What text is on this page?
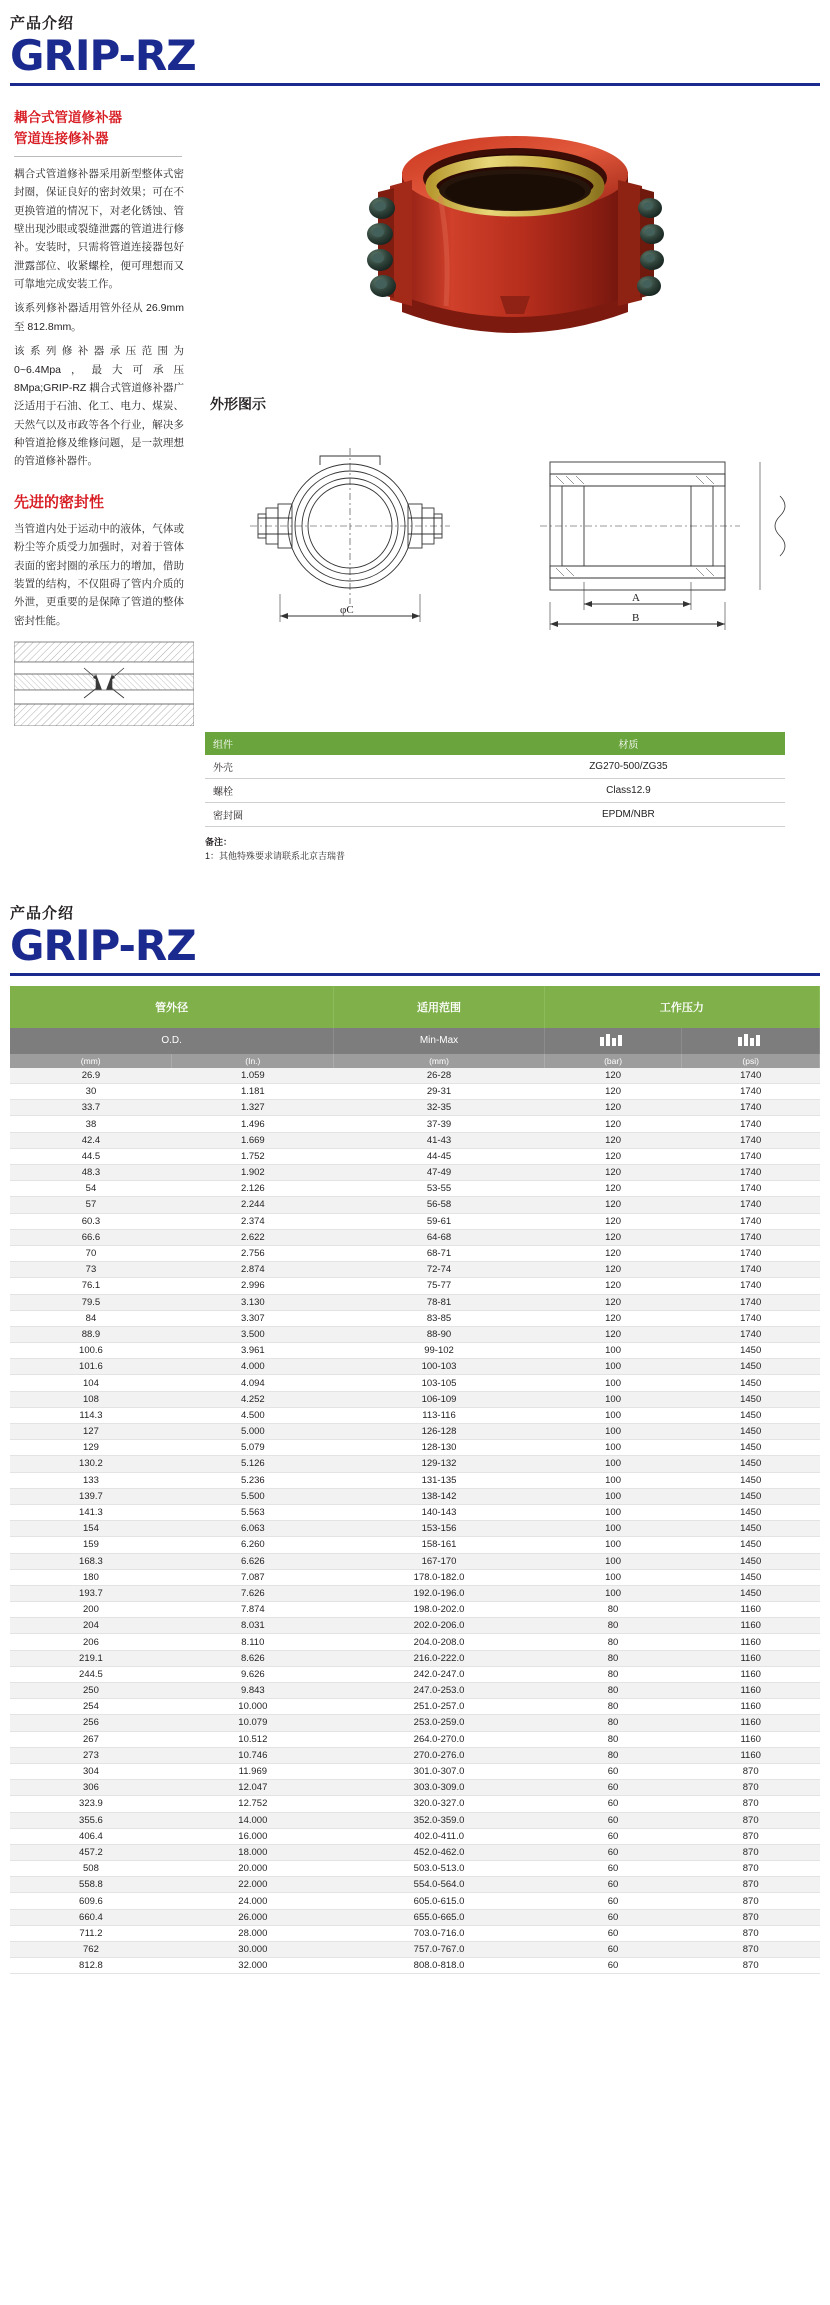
产品介绍
GRIP-RZ
耦合式管道修补器
管道连接修补器
耦合式管道修补器采用新型整体式密封圈，保证良好的密封效果；可在不更换管道的情况下，对老化锈蚀、管壁出现沙眼或裂缝泄露的管道进行修补。安装时，只需将管道连接器包好泄露部位、收紧螺栓，便可理想而又可靠地完成安装工作。
该系列修补器适用管外径从 26.9mm 至 812.8mm。
该系列修补器承压范围为 0~6.4Mpa，最大可承压 8Mpa;GRIP-RZ 耦合式管道修补器广泛适用于石油、化工、电力、煤炭、天然气以及市政等各个行业，解决多种管道抢修及维修问题，是一款理想的管道修补器件。
先进的密封性
当管道内处于运动中的液体，气体或粉尘等介质受力加强时，对着于管体表面的密封圈的承压力的增加，借助装置的结构，不仅阻碍了管内介质的外泄，更重要的是保障了管道的整体密封性能。
外形图示
φC
A
B
组件	材质
外壳	ZG270-500/ZG35
螺栓	Class12.9
密封圈	EPDM/NBR
备注：
1：其他特殊要求请联系北京吉瑞普
产品介绍
GRIP-RZ
管外径		适用范围	工作压力	
O.D.		Min-Max		
(mm)	(In.)	(mm)	(bar)	(psi)
26.9	1.059	26-28	120	1740
30	1.181	29-31	120	1740
33.7	1.327	32-35	120	1740
38	1.496	37-39	120	1740
42.4	1.669	41-43	120	1740
44.5	1.752	44-45	120	1740
48.3	1.902	47-49	120	1740
54	2.126	53-55	120	1740
57	2.244	56-58	120	1740
60.3	2.374	59-61	120	1740
66.6	2.622	64-68	120	1740
70	2.756	68-71	120	1740
73	2.874	72-74	120	1740
76.1	2.996	75-77	120	1740
79.5	3.130	78-81	120	1740
84	3.307	83-85	120	1740
88.9	3.500	88-90	120	1740
100.6	3.961	99-102	100	1450
101.6	4.000	100-103	100	1450
104	4.094	103-105	100	1450
108	4.252	106-109	100	1450
114.3	4.500	113-116	100	1450
127	5.000	126-128	100	1450
129	5.079	128-130	100	1450
130.2	5.126	129-132	100	1450
133	5.236	131-135	100	1450
139.7	5.500	138-142	100	1450
141.3	5.563	140-143	100	1450
154	6.063	153-156	100	1450
159	6.260	158-161	100	1450
168.3	6.626	167-170	100	1450
180	7.087	178.0-182.0	100	1450
193.7	7.626	192.0-196.0	100	1450
200	7.874	198.0-202.0	80	1160
204	8.031	202.0-206.0	80	1160
206	8.110	204.0-208.0	80	1160
219.1	8.626	216.0-222.0	80	1160
244.5	9.626	242.0-247.0	80	1160
250	9.843	247.0-253.0	80	1160
254	10.000	251.0-257.0	80	1160
256	10.079	253.0-259.0	80	1160
267	10.512	264.0-270.0	80	1160
273	10.746	270.0-276.0	80	1160
304	11.969	301.0-307.0	60	870
306	12.047	303.0-309.0	60	870
323.9	12.752	320.0-327.0	60	870
355.6	14.000	352.0-359.0	60	870
406.4	16.000	402.0-411.0	60	870
457.2	18.000	452.0-462.0	60	870
508	20.000	503.0-513.0	60	870
558.8	22.000	554.0-564.0	60	870
609.6	24.000	605.0-615.0	60	870
660.4	26.000	655.0-665.0	60	870
711.2	28.000	703.0-716.0	60	870
762	30.000	757.0-767.0	60	870
812.8	32.000	808.0-818.0	60	870
